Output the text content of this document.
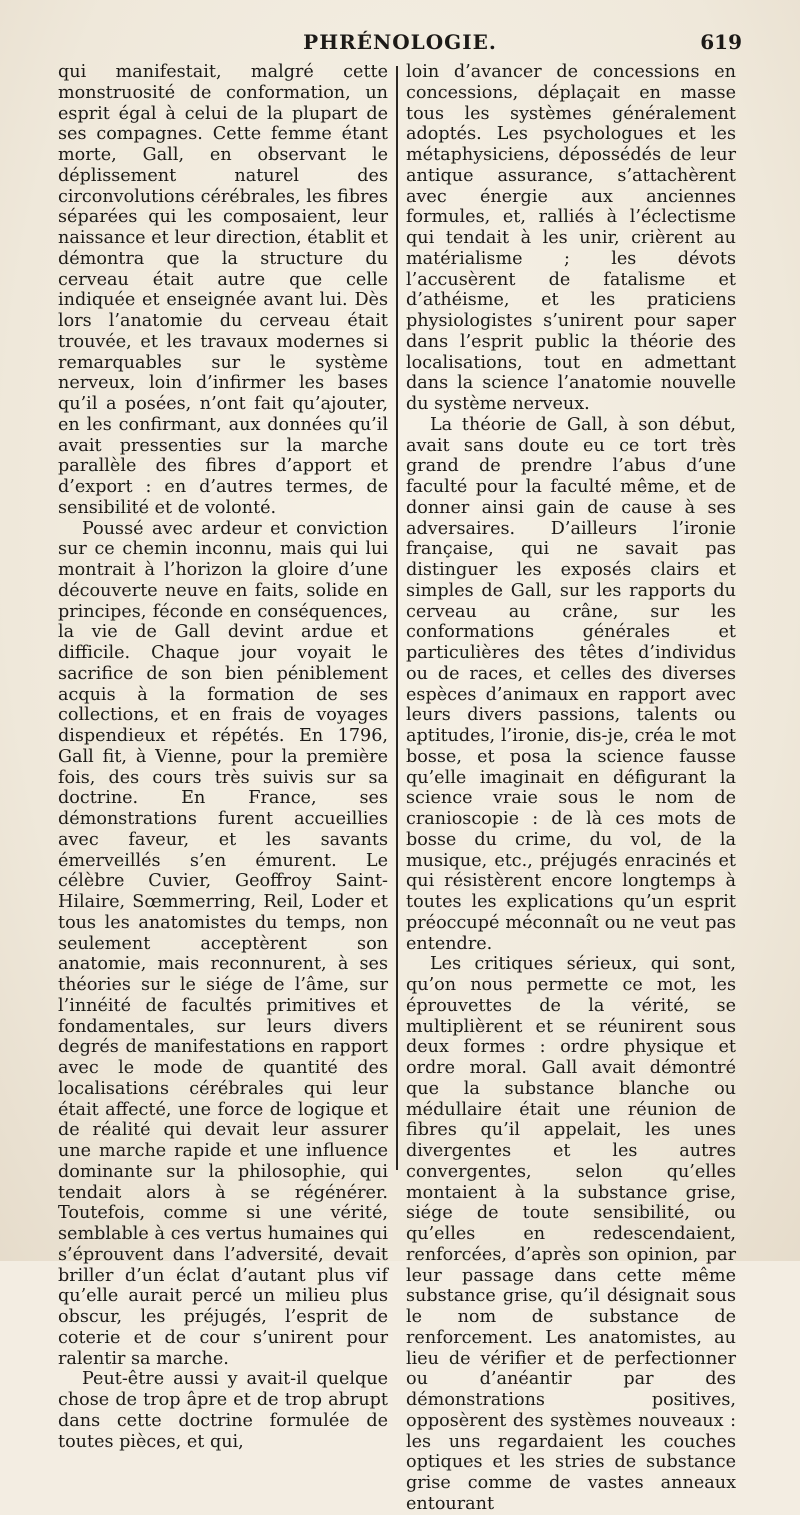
PHRÉNOLOGIE.	619

qui manifestait, malgré cette monstruosité de conformation, un esprit égal à celui de la plupart de ses compagnes. Cette femme étant morte, Gall, en observant le déplissement naturel des circonvolutions cérébrales, les fibres séparées qui les composaient, leur naissance et leur direction, établit et démontra que la structure du cerveau était autre que celle indiquée et enseignée avant lui. Dès lors l’anatomie du cerveau était trouvée, et les travaux modernes si remarquables sur le système nerveux, loin d’infirmer les bases qu’il a posées, n’ont fait qu’ajouter, en les confirmant, aux données qu’il avait pressenties sur la marche parallèle des fibres d’apport et d’export : en d’autres termes, de sensibilité et de volonté.

Poussé avec ardeur et conviction sur ce chemin inconnu, mais qui lui montrait à l’horizon la gloire d’une découverte neuve en faits, solide en principes, féconde en conséquences, la vie de Gall devint ardue et difficile. Chaque jour voyait le sacrifice de son bien péniblement acquis à la formation de ses collections, et en frais de voyages dispendieux et répétés. En 1796, Gall fit, à Vienne, pour la première fois, des cours très suivis sur sa doctrine. En France, ses démonstrations furent accueillies avec faveur, et les savants émerveillés s’en émurent. Le célèbre Cuvier, Geoffroy Saint-Hilaire, Sœmmerring, Reil, Loder et tous les anatomistes du temps, non seulement acceptèrent son anatomie, mais reconnurent, à ses théories sur le siége de l’âme, sur l’innéité de facultés primitives et fondamentales, sur leurs divers degrés de manifestations en rapport avec le mode de quantité des localisations cérébrales qui leur était affecté, une force de logique et de réalité qui devait leur assurer une marche rapide et une influence dominante sur la philosophie, qui tendait alors à se régénérer. Toutefois, comme si une vérité, semblable à ces vertus humaines qui s’éprouvent dans l’adversité, devait briller d’un éclat d’autant plus vif qu’elle aurait percé un milieu plus obscur, les préjugés, l’esprit de coterie et de cour s’unirent pour ralentir sa marche.

Peut-être aussi y avait-il quelque chose de trop âpre et de trop abrupt dans cette doctrine formulée de toutes pièces, et qui,

loin d’avancer de concessions en concessions, déplaçait en masse tous les systèmes généralement adoptés. Les psychologues et les métaphysiciens, dépossédés de leur antique assurance, s’attachèrent avec énergie aux anciennes formules, et, ralliés à l’éclectisme qui tendait à les unir, crièrent au matérialisme ; les dévots l’accusèrent de fatalisme et d’athéisme, et les praticiens physiologistes s’unirent pour saper dans l’esprit public la théorie des localisations, tout en admettant dans la science l’anatomie nouvelle du système nerveux.

La théorie de Gall, à son début, avait sans doute eu ce tort très grand de prendre l’abus d’une faculté pour la faculté même, et de donner ainsi gain de cause à ses adversaires. D’ailleurs l’ironie française, qui ne savait pas distinguer les exposés clairs et simples de Gall, sur les rapports du cerveau au crâne, sur les conformations générales et particulières des têtes d’individus ou de races, et celles des diverses espèces d’animaux en rapport avec leurs divers passions, talents ou aptitudes, l’ironie, dis-je, créa le mot bosse, et posa la science fausse qu’elle imaginait en défigurant la science vraie sous le nom de cranioscopie : de là ces mots de bosse du crime, du vol, de la musique, etc., préjugés enracinés et qui résistèrent encore longtemps à toutes les explications qu’un esprit préoccupé méconnaît ou ne veut pas entendre.

Les critiques sérieux, qui sont, qu’on nous permette ce mot, les éprouvettes de la vérité, se multiplièrent et se réunirent sous deux formes : ordre physique et ordre moral. Gall avait démontré que la substance blanche ou médullaire était une réunion de fibres qu’il appelait, les unes divergentes et les autres convergentes, selon qu’elles montaient à la substance grise, siége de toute sensibilité, ou qu’elles en redescendaient, renforcées, d’après son opinion, par leur passage dans cette même substance grise, qu’il désignait sous le nom de substance de renforcement. Les anatomistes, au lieu de vérifier et de perfectionner ou d’anéantir par des démonstrations positives, opposèrent des systèmes nouveaux : les uns regardaient les couches optiques et les stries de substance grise comme de vastes anneaux entourant
